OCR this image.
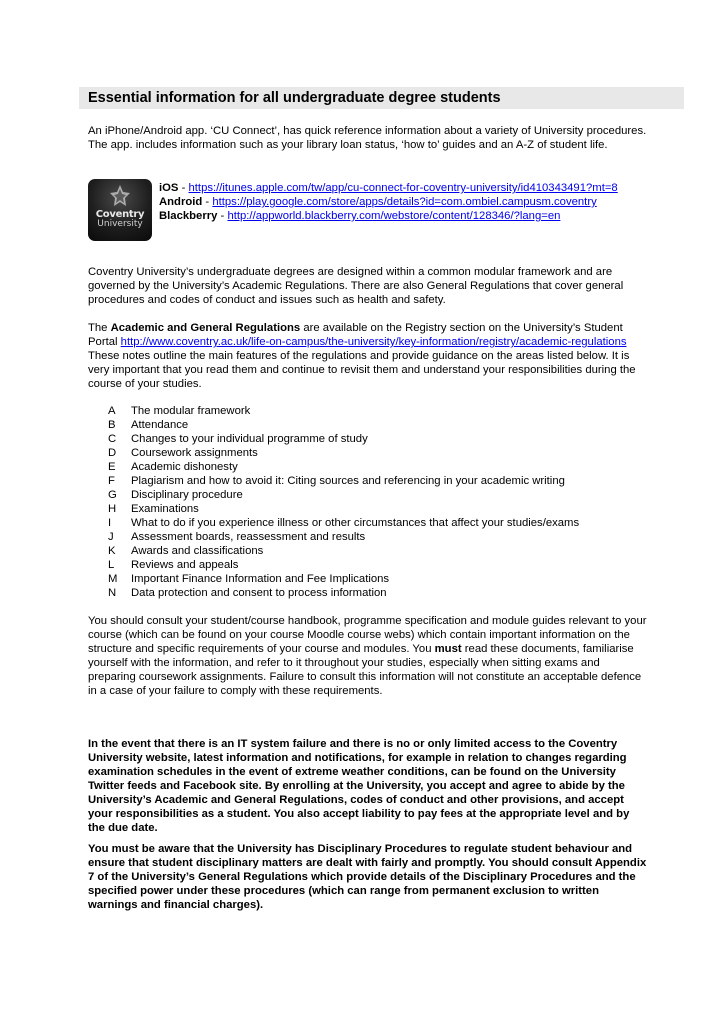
Essential information for all undergraduate degree students

An iPhone/Android app. ‘CU Connect’, has quick reference information about a variety of University procedures. The app. includes information such as your library loan status, ‘how to’ guides and an A-Z of student life.

Coventry
University
iOS - https://itunes.apple.com/tw/app/cu-connect-for-coventry-university/id410343491?mt=8
Android - https://play.google.com/store/apps/details?id=com.ombiel.campusm.coventry
Blackberry - http://appworld.blackberry.com/webstore/content/128346/?lang=en

Coventry University’s undergraduate degrees are designed within a common modular framework and are governed by the University’s Academic Regulations. There are also General Regulations that cover general procedures and codes of conduct and issues such as health and safety.

The Academic and General Regulations are available on the Registry section on the University’s Student Portal http://www.coventry.ac.uk/life-on-campus/the-university/key-information/registry/academic-regulations These notes outline the main features of the regulations and provide guidance on the areas listed below. It is very important that you read them and continue to revisit them and understand your responsibilities during the course of your studies.

A The modular framework
B Attendance
C Changes to your individual programme of study
D Coursework assignments
E Academic dishonesty
F Plagiarism and how to avoid it: Citing sources and referencing in your academic writing
G Disciplinary procedure
H Examinations
I What to do if you experience illness or other circumstances that affect your studies/exams
J Assessment boards, reassessment and results
K Awards and classifications
L Reviews and appeals
M Important Finance Information and Fee Implications
N Data protection and consent to process information

You should consult your student/course handbook, programme specification and module guides relevant to your course (which can be found on your course Moodle course webs) which contain important information on the structure and specific requirements of your course and modules. You must read these documents, familiarise yourself with the information, and refer to it throughout your studies, especially when sitting exams and preparing coursework assignments. Failure to consult this information will not constitute an acceptable defence in a case of your failure to comply with these requirements.

In the event that there is an IT system failure and there is no or only limited access to the Coventry University website, latest information and notifications, for example in relation to changes regarding examination schedules in the event of extreme weather conditions, can be found on the University Twitter feeds and Facebook site. By enrolling at the University, you accept and agree to abide by the University’s Academic and General Regulations, codes of conduct and other provisions, and accept your responsibilities as a student. You also accept liability to pay fees at the appropriate level and by the due date.

You must be aware that the University has Disciplinary Procedures to regulate student behaviour and ensure that student disciplinary matters are dealt with fairly and promptly. You should consult Appendix 7 of the University’s General Regulations which provide details of the Disciplinary Procedures and the specified power under these procedures (which can range from permanent exclusion to written warnings and financial charges).
